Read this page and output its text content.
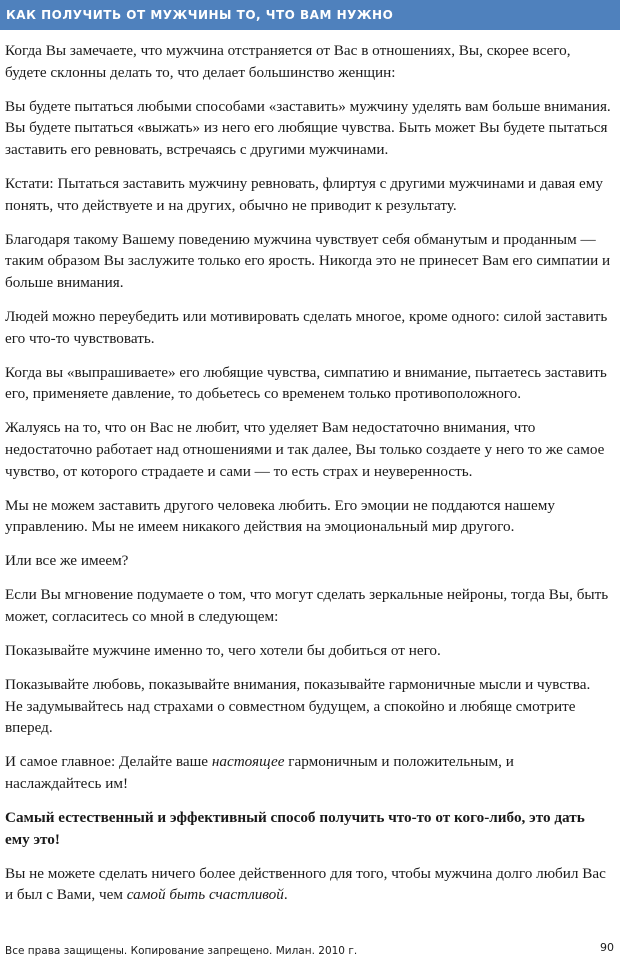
КАК ПОЛУЧИТЬ ОТ МУЖЧИНЫ ТО, ЧТО ВАМ НУЖНО

Когда Вы замечаете, что мужчина отстраняется от Вас в отношениях, Вы, скорее всего, будете склонны делать то, что делает большинство женщин:

Вы будете пытаться любыми способами «заставить» мужчину уделять вам больше внимания. Вы будете пытаться «выжать» из него его любящие чувства. Быть может Вы будете пытаться заставить его ревновать, встречаясь с другими мужчинами.

Кстати: Пытаться заставить мужчину ревновать, флиртуя с другими мужчинами и давая ему понять, что действуете и на других, обычно не приводит к результату.

Благодаря такому Вашему поведению мужчина чувствует себя обманутым и проданным — таким образом Вы заслужите только его ярость. Никогда это не принесет Вам его симпатии и больше внимания.

Людей можно переубедить или мотивировать сделать многое, кроме одного: силой заставить его что-то чувствовать.

Когда вы «выпрашиваете» его любящие чувства, симпатию и внимание, пытаетесь заставить его, применяете давление, то добьетесь со временем только противоположного.

Жалуясь на то, что он Вас не любит, что уделяет Вам недостаточно внимания, что недостаточно работает над отношениями и так далее, Вы только создаете у него то же самое чувство, от которого страдаете и сами — то есть страх и неуверенность.

Мы не можем заставить другого человека любить. Его эмоции не поддаются нашему управлению. Мы не имеем никакого действия на эмоциональный мир другого.

Или все же имеем?

Если Вы мгновение подумаете о том, что могут сделать зеркальные нейроны, тогда Вы, быть может, согласитесь со мной в следующем:

Показывайте мужчине именно то, чего хотели бы добиться от него.

Показывайте любовь, показывайте внимания, показывайте гармоничные мысли и чувства. Не задумывайтесь над страхами о совместном будущем, а спокойно и любяще смотрите вперед.

И самое главное: Делайте ваше настоящее гармоничным и положительным, и наслаждайтесь им!

Самый естественный и эффективный способ получить что-то от кого-либо, это дать ему это!

Вы не можете сделать ничего более действенного для того, чтобы мужчина долго любил Вас и был с Вами, чем самой быть счастливой.

Все права защищены. Копирование запрещено. Милан. 2010 г.	90
